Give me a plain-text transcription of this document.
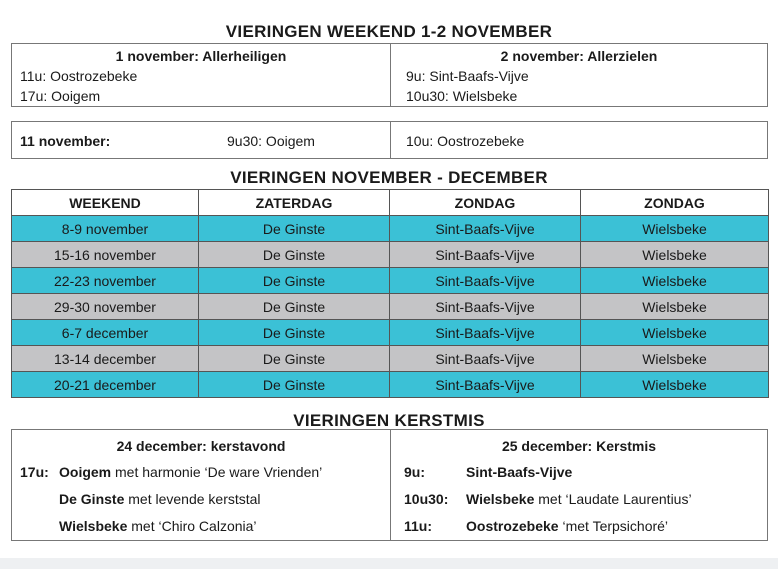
VIERINGEN WEEKEND 1-2 NOVEMBER
1 november: Allerheiligen
11u: Oostrozebeke
17u: Ooigem
2 november: Allerzielen
9u: Sint-Baafs-Vijve
10u30: Wielsbeke
11 november:	9u30: Ooigem	10u: Oostrozebeke
VIERINGEN NOVEMBER - DECEMBER
WEEKEND	ZATERDAG	ZONDAG	ZONDAG
8-9 november	De Ginste	Sint-Baafs-Vijve	Wielsbeke
15-16 november	De Ginste	Sint-Baafs-Vijve	Wielsbeke
22-23 november	De Ginste	Sint-Baafs-Vijve	Wielsbeke
29-30 november	De Ginste	Sint-Baafs-Vijve	Wielsbeke
6-7 december	De Ginste	Sint-Baafs-Vijve	Wielsbeke
13-14 december	De Ginste	Sint-Baafs-Vijve	Wielsbeke
20-21 december	De Ginste	Sint-Baafs-Vijve	Wielsbeke
VIERINGEN KERSTMIS
24 december: kerstavond
17u: Ooigem met harmonie ‘De ware Vrienden’
De Ginste met levende kerststal
Wielsbeke met ‘Chiro Calzonia’
25 december: Kerstmis
9u:	Sint-Baafs-Vijve
10u30: Wielsbeke met ‘Laudate Laurentius’
11u: Oostrozebeke ‘met Terpsichoré’
